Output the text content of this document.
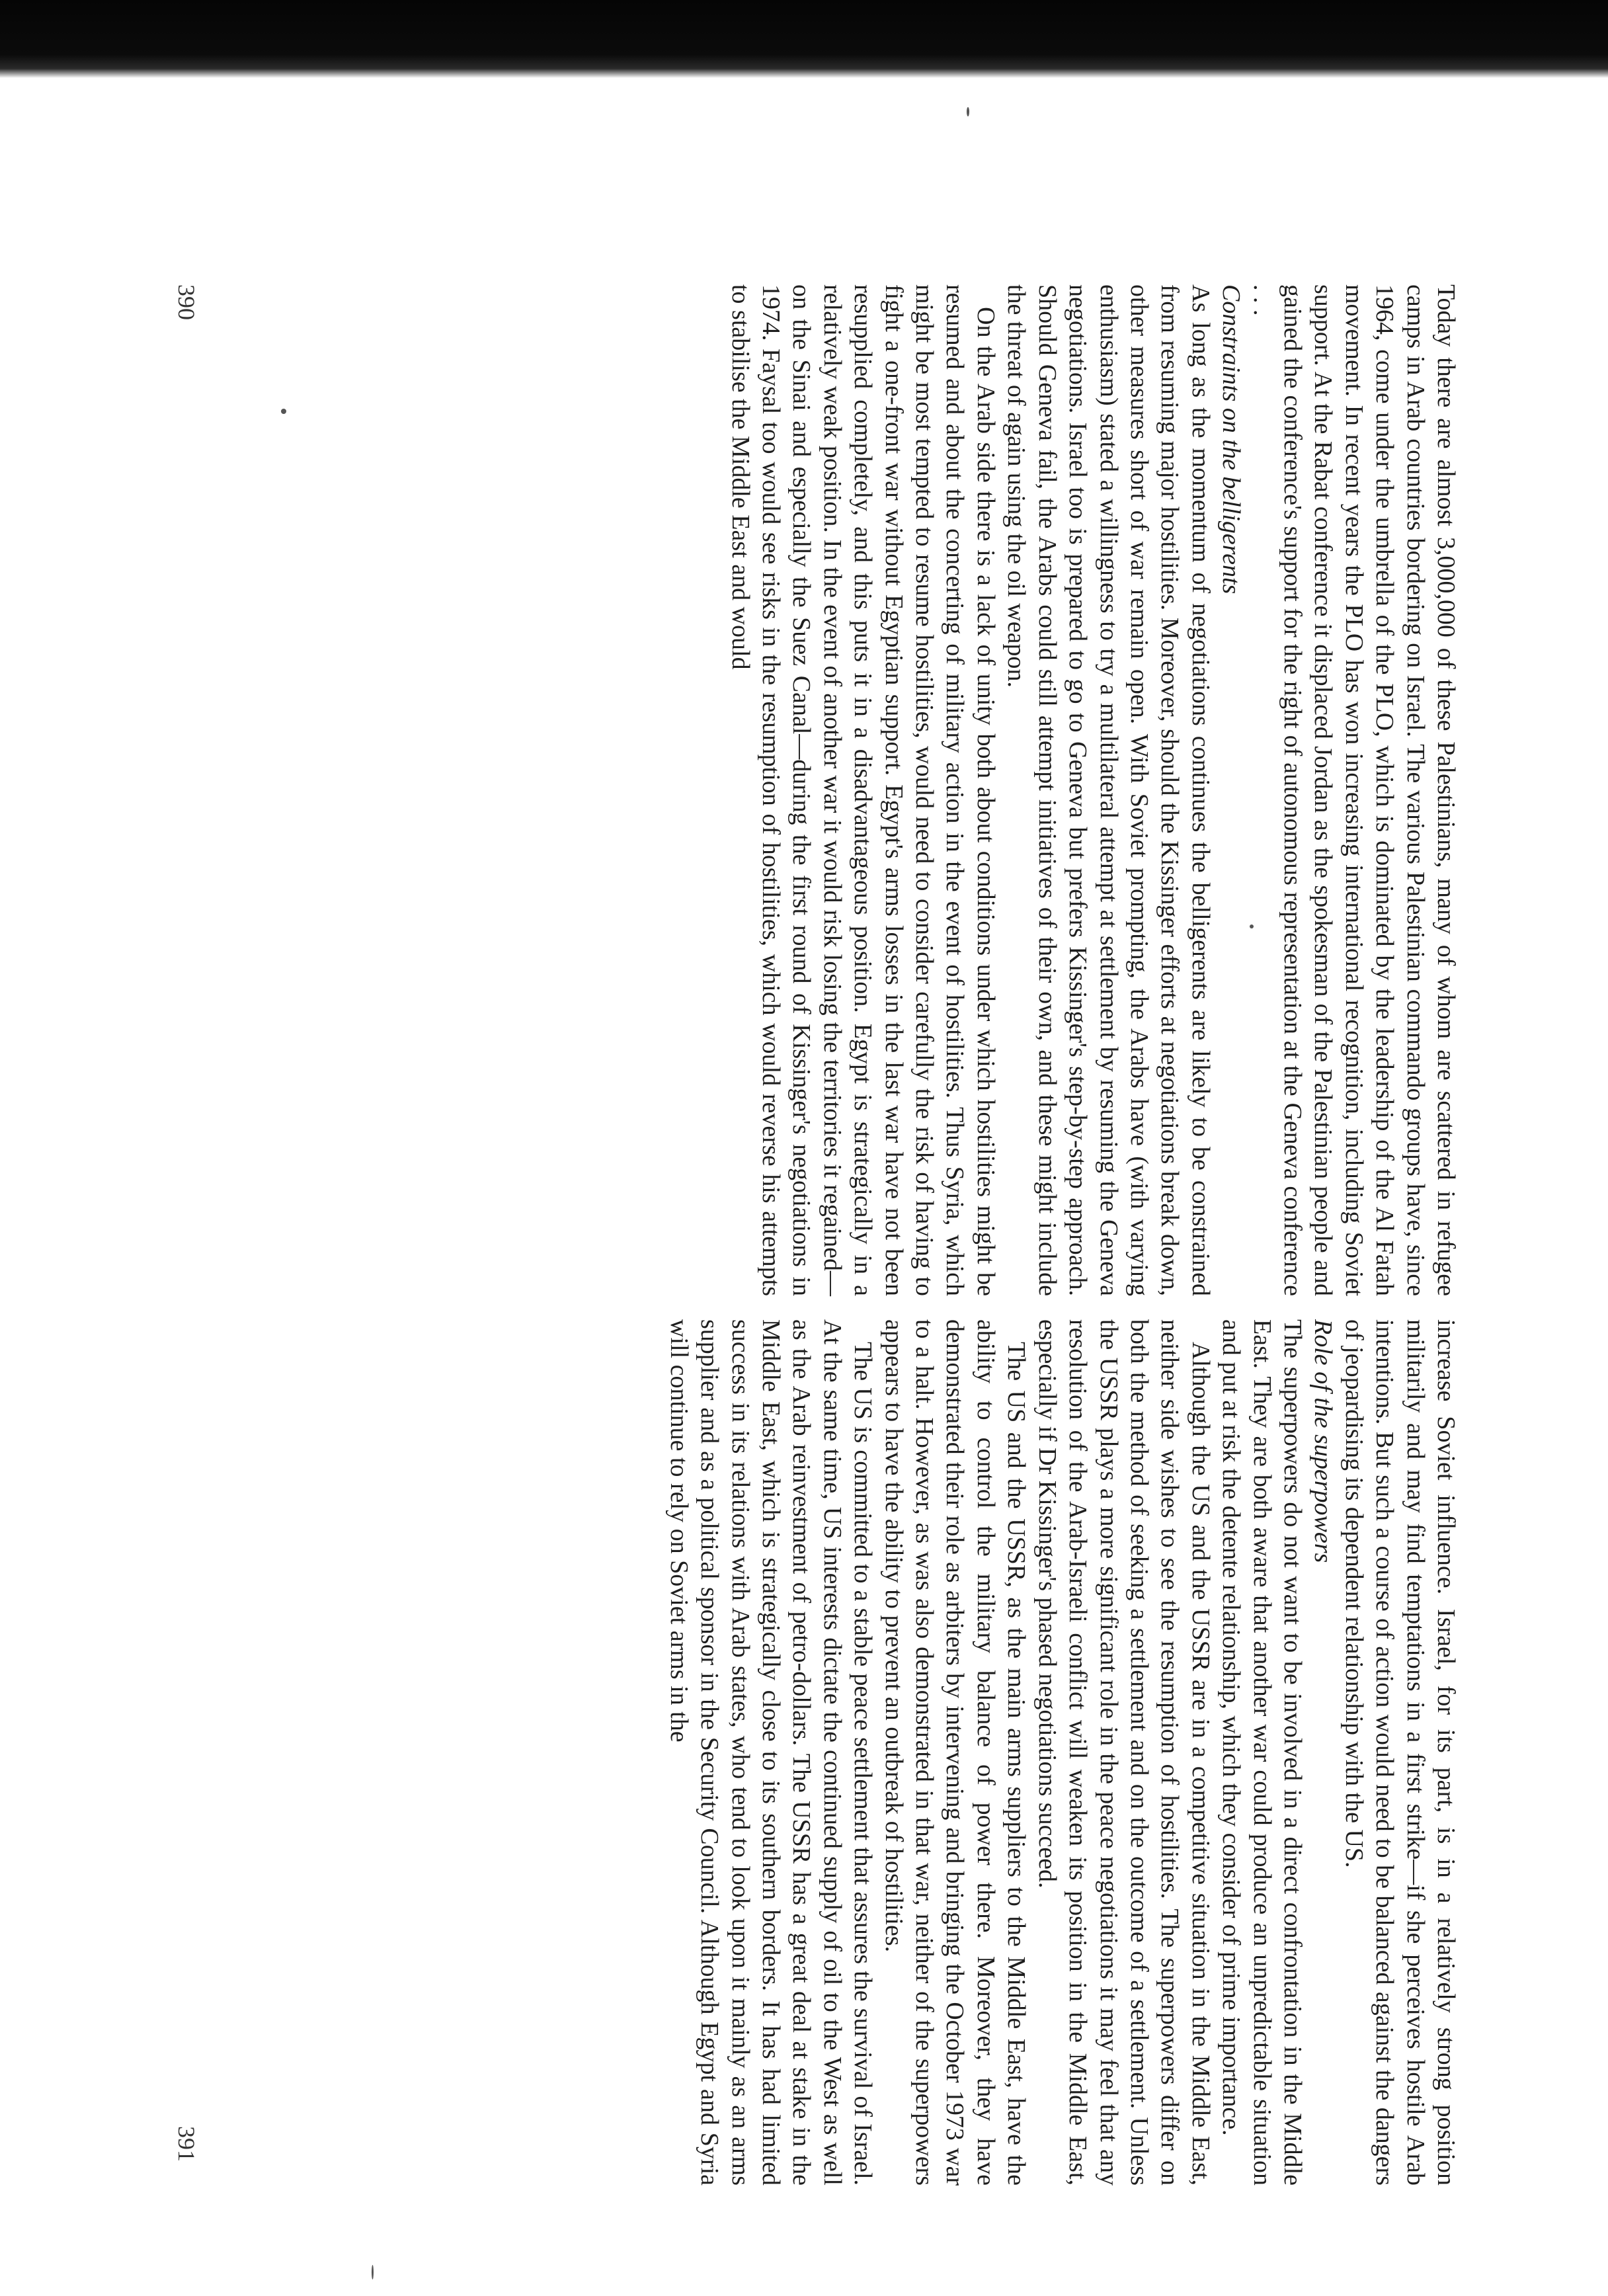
Today there are almost 3,000,000 of these Palestinians, many of whom are scattered in refugee camps in Arab countries bordering on Israel. The various Palestinian commando groups have, since 1964, come under the umbrella of the PLO, which is dominated by the leadership of the Al Fatah movement. In recent years the PLO has won increasing international recognition, including Soviet support. At the Rabat conference it displaced Jordan as the spokesman of the Palestinian people and gained the conference's support for the right of autonomous representation at the Geneva conference . . .

Constraints on the belligerents

As long as the momentum of negotiations continues the belligerents are likely to be constrained from resuming major hostilities. Moreover, should the Kissinger efforts at negotiations break down, other measures short of war remain open. With Soviet prompting, the Arabs have (with varying enthusiasm) stated a willingness to try a multilateral attempt at settlement by resuming the Geneva negotiations. Israel too is prepared to go to Geneva but prefers Kissinger's step-by-step approach. Should Geneva fail, the Arabs could still attempt initiatives of their own, and these might include the threat of again using the oil weapon.

On the Arab side there is a lack of unity both about conditions under which hostilities might be resumed and about the concerting of military action in the event of hostilities. Thus Syria, which might be most tempted to resume hostilities, would need to consider carefully the risk of having to fight a one-front war without Egyptian support. Egypt's arms losses in the last war have not been resupplied completely, and this puts it in a disadvantageous position. Egypt is strategically in a relatively weak position. In the event of another war it would risk losing the territories it regained—on the Sinai and especially the Suez Canal—during the first round of Kissinger's negotiations in 1974. Faysal too would see risks in the resumption of hostilities, which would reverse his attempts to stabilise the Middle East and would

390

increase Soviet influence. Israel, for its part, is in a relatively strong position militarily and may find temptations in a first strike—if she perceives hostile Arab intentions. But such a course of action would need to be balanced against the dangers of jeopardising its dependent relationship with the US.

Role of the superpowers

The superpowers do not want to be involved in a direct confrontation in the Middle East. They are both aware that another war could produce an unpredictable situation and put at risk the detente relationship, which they consider of prime importance.

Although the US and the USSR are in a competitive situation in the Middle East, neither side wishes to see the resumption of hostilities. The superpowers differ on both the method of seeking a settlement and on the outcome of a settlement. Unless the USSR plays a more significant role in the peace negotiations it may feel that any resolution of the Arab-Israeli conflict will weaken its position in the Middle East, especially if Dr Kissinger's phased negotiations succeed.

The US and the USSR, as the main arms suppliers to the Middle East, have the ability to control the military balance of power there. Moreover, they have demonstrated their role as arbiters by intervening and bringing the October 1973 war to a halt. However, as was also demonstrated in that war, neither of the superpowers appears to have the ability to prevent an outbreak of hostilities.

The US is committed to a stable peace settlement that assures the survival of Israel. At the same time, US interests dictate the continued supply of oil to the West as well as the Arab reinvestment of petro-dollars. The USSR has a great deal at stake in the Middle East, which is strategically close to its southern borders. It has had limited success in its relations with Arab states, who tend to look upon it mainly as an arms supplier and as a political sponsor in the Security Council. Although Egypt and Syria will continue to rely on Soviet arms in the

391
